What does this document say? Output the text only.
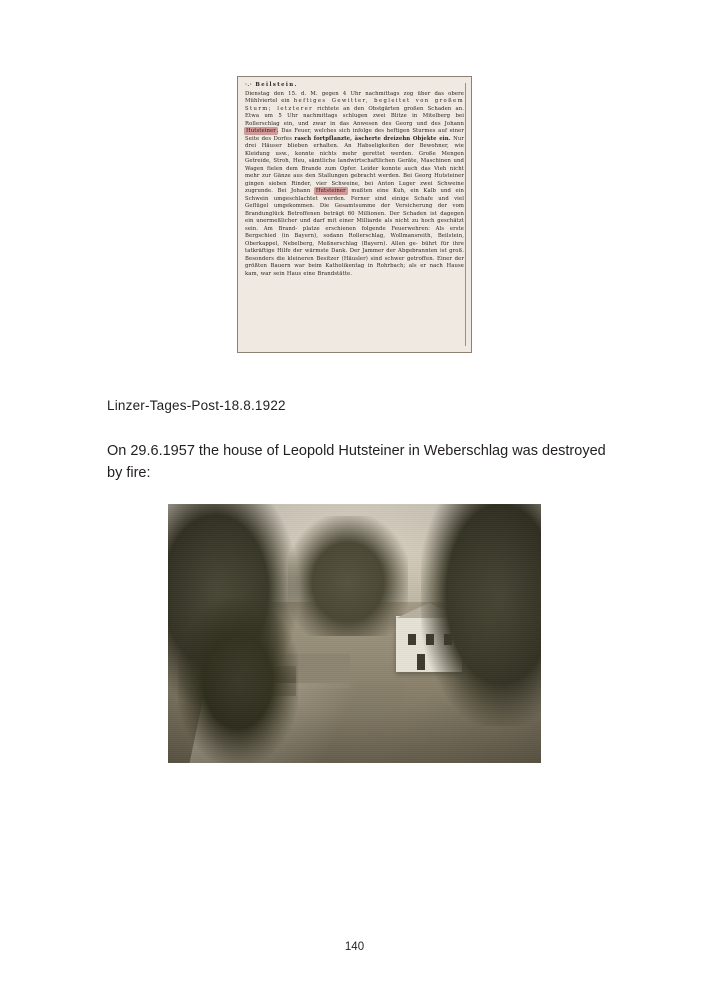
·.· Beilstein.
Dienstag den 15. d. M. gegen 4 Uhr nachmittags zog über das obere Mühlviertel ein heftiges Gewitter, begleitet von großem Sturm; letzterer richtete an den Obstgärten großen Schaden an. Etwa um 5 Uhr nachmittags schlugen zwei Blitze in Mitelberg bei Rollerschlag ein, und zwar in das Anwesen des Georg und des Johann Hutsteiner. Das Feuer, welches sich infolge des heftigen Sturmes auf einer Seite des Dorfes rasch fortpflanzte, äscherte dreizehn Objekte ein. Nur drei Häuser blieben erhalten. An Habseligkeiten der Bewohner, wie Kleidung usw., konnte nichts mehr gerettet werden. Große Mengen Getreide, Stroh, Heu, sämtliche landwirtschaftlichen Geräte, Maschinen und Wagen fielen dem Brande zum Opfer. Leider konnte auch das Vieh nicht mehr zur Gänze aus den Stallungen gebracht werden. Bei Georg Hutsteiner gingen sieben Rinder, vier Schweine, bei Anton Luger zwei Schweine zugrunde. Bei Johann Hutsteiner mußten eine Kuh, ein Kalb und ein Schwein umgeschlachtet werden. Ferner sind einige Schafe und viel Geflügel umgekommen. Die Gesamtsumme der Versicherung der vom Brandunglück Betroffenen beträgt 60 Millionen. Der Schaden ist dagegen ein unermeßlicher und darf mit einer Milliarde als nicht zu hoch geschätzt sein. Am Brand- platze erschienen folgende Feuerwehren: Als erste Bergschied (in Bayern), sodann Rollerschlag, Wollmansreith, Beilstein, Oberkappel, Nebelberg, Meßnerschlag (Bayern). Allen ge- bührt für ihre tatkräftige Hilfe der wärmste Dank. Der Jammer der Abgebrannten ist groß. Besonders die kleineren Besitzer (Häusler) sind schwer getroffen. Einer der größten Bauern war beim Katholikentag in Rohrbach; als er nach Hause kam, war sein Haus eine Brandstätte.
Linzer-Tages-Post-18.8.1922
On 29.6.1957 the house of Leopold Hutsteiner in Weberschlag was destroyed by fire:
140
